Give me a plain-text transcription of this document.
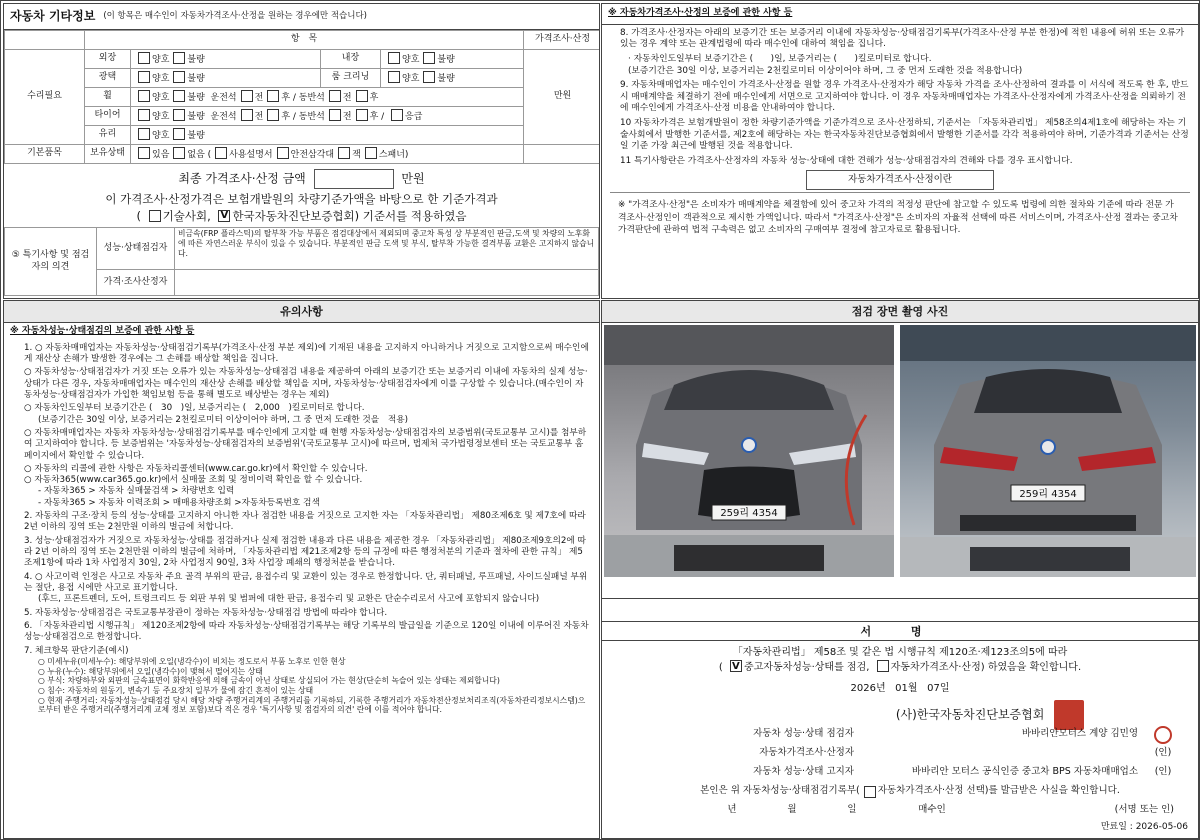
자동차 기타정보 (이 항목은 매수인이 자동차가격조사·산정을 원하는 경우에만 적습니다)
	항　목				가격조사·산정
수리필요	외장	양호 불량	내장	양호 불량	만원
	광택	양호 불량	룸 크리닝	양호 불량	
	휠	양호 불량 운전석 전 후 / 동반석 전 후			
	타이어	양호 불량 운전석 전 후 / 동반석 전 후 / 응급			
	유리	양호 불량			
기본품목	보유상태	있음 없음 ( 사용설명서 안전삼각대 잭 스패너)			
최종 가격조사·산정 금액	만원
이 가격조사·산정가격은 보험개발원의 차량기준가액을 바탕으로 한 기준가격과
( 기술사회, V 한국자동차진단보증협회) 기준서를 적용하였음
⑤ 특기사항 및 점검자의 의견	성능·상태점검자	비금속(FRP 플라스틱)의 탈부착 가능 부품은 점검대상에서 제외되며 중고차 특성 상 부분적인 판금,도색 및 차량의 노후화에 따른 자연스러운 부식이 있을 수 있습니다. 부분적인 판금 도색 및 부식, 탈부착 가능한 결격부품 교환은 고지하지 않습니다.
	가격·조사산정자	
※ 자동차가격조사·산정의 보증에 관한 사항 등

8. 가격조사·산정자는 아래의 보증기간 또는 보증거리 이내에 자동차성능·상태점검기록부(가격조사·산정 부분 한정)에 적힌 내용에 허위 또는 오류가 있는 경우 계약 또는 관계법령에 따라 매수인에 대하여 책임을 집니다.

· 자동차인도일부터 보증기간은 (　　)일, 보증거리는 (　　)킬로미터로 합니다.

(보증기간은 30일 이상, 보증거리는 2천킬로미터 이상이어야 하며, 그 중 먼저 도래한 것을 적용합니다)

9. 자동차매매업자는 매수인이 가격조사·산정을 원할 경우 가격조사·산정자가 해당 자동차 가격을 조사·산정하여 결과를 이 서식에 적도록 한 후, 반드시 매매계약을 체결하기 전에 매수인에게 서면으로 고지하여야 합니다. 이 경우 자동차매매업자는 가격조사·산정자에게 가격조사·산정을 의뢰하기 전에 매수인에게 가격조사·산정 비용을 안내하여야 합니다.

10 자동차가격은 보험개발원이 정한 차량기준가액을 기준가격으로 조사·산정하되, 기준서는 「자동차관리법」 제58조의4제1호에 해당하는 자는 기술사회에서 발행한 기준서를, 제2호에 해당하는 자는 한국자동차진단보증협회에서 발행한 기준서를 각각 적용하여야 하며, 기준가격과 기준서는 산정일 기준 가장 최근에 발행된 것을 적용합니다.

11 특기사항란은 가격조사·산정자의 자동차 성능·상태에 대한 견해가 성능·상태점검자의 견해와 다를 경우 표시합니다.

자동차가격조사·산정이란
※ "가격조사·산정"은 소비자가 매매계약을 체결함에 있어 중고차 가격의 적정성 판단에 참고할 수 있도록 법령에 의한 절차와 기준에 따라 전문 가격조사·산정인이 객관적으로 제시한 가액입니다. 따라서 "가격조사·산정"은 소비자의 자율적 선택에 따른 서비스이며, 가격조사·산정 결과는 중고차 가격판단에 관하여 법적 구속력은 없고 소비자의 구매여부 결정에 참고자료로 활용됩니다.
유의사항
※ 자동차성능·상태점검의 보증에 관한 사항 등

1. ○ 자동차매매업자는 자동차성능·상태점검기록부(가격조사·산정 부분 제외)에 기재된 내용을 고지하지 아니하거나 거짓으로 고지함으로써 매수인에게 재산상 손해가 발생한 경우에는 그 손해를 배상할 책임을 집니다.

○ 자동차성능·상태점검자가 거짓 또는 오류가 있는 자동차성능·상태점검 내용을 제공하여 아래의 보증기간 또는 보증거리 이내에 자동차의 실제 성능·상태가 다른 경우, 자동차매매업자는 매수인의 재산상 손해를 배상할 책임을 지며, 자동차성능·상태점검자에게 이를 구상할 수 있습니다.(매수인이 자동차성능·상태점검자가 가입한 책임보험 등을 통해 별도로 배상받는 경우는 제외)

○ 자동차인도일부터 보증기간은 (　30　)일, 보증거리는 (　2,000　)킬로미터로 합니다.

(보증기간은 30일 이상, 보증거리는 2천킬로미터 이상이어야 하며, 그 중 먼저 도래한 것을　적용)

○ 자동차매매업자는 자동차 자동차성능·상태점검기록부를 매수인에게 고지할 때 현행 자동차성능·상태점검자의 보증범위(국토교통부 고시)를 첨부하여 고지하여야 합니다. 등 보증범위는 '자동차성능·상태점검자의 보증범위'(국토교통부 고시)에 따르며, 법제처 국가법령정보센터 또는 국토교통부 홈페이지에서 확인할 수 있습니다.

○ 자동차의 리콜에 관한 사항은 자동차리콜센터(www.car.go.kr)에서 확인할 수 있습니다.

○ 자동차365(www.car365.go.kr)에서 실매물 조회 및 정비이력 확인을 할 수 있습니다.

- 자동차365 > 자동차 실매물검색 > 차량번호 입력

- 자동차365 > 자동차 이력조회 > 매매용차량조회 >자동차등록번호 검색

2. 자동차의 구조·장치 등의 성능·상태를 고지하지 아니한 자나 점검한 내용을 거짓으로 고지한 자는 「자동차관리법」 제80조제6호 및 제7호에 따라 2년 이하의 징역 또는 2천만원 이하의 벌금에 처합니다.

3. 성능·상태점검자가 거짓으로 자동차성능·상태를 점검하거나 실제 점검한 내용과 다른 내용을 제공한 경우 「자동차관리법」 제80조제9호의2에 따라 2년 이하의 징역 또는 2천만원 이하의 벌금에 처하며, 「자동차관리법 제21조제2항 등의 규정에 따른 행정처분의 기준과 절차에 관한 규칙」 제5조제1항에 따라 1차 사업정지 30일, 2차 사업정지 90일, 3차 사업장 폐쇄의 행정처분을 받습니다.

4. ○ 사고이력 인정은 사고로 자동차 주요 골격 부위의 판금, 용접수리 및 교환이 있는 경우로 한정합니다. 단, 쿼터패널, 루프패널, 사이드실패널 부위는 절단, 용접 시에만 사고로 표기합니다.

(후드, 프론트펜더, 도어, 트렁크리드 등 외판 부위 및 범퍼에 대한 판금, 용접수리 및 교환은 단순수리로서 사고에 포함되지 않습니다)

5. 자동차성능·상태점검은 국토교통부장관이 정하는 자동차성능·상태점검 방법에 따라야 합니다.

6. 「자동차관리법 시행규칙」 제120조제2항에 따라 자동차성능·상태점검기록부는 해당 기록부의 발급일을 기준으로 120일 이내에 이루어진 자동차 성능·상태점검으로 한정합니다.

7. 체크항목 판단기준(예시)

○ 미세누유(미세누수): 해당부위에 오일(냉각수)이 비치는 정도로서 부품 노후로 인한 현상

○ 누유(누수): 해당부위에서 오일(냉각수)이 맺혀서 떨어지는 상태

○ 부식: 차량하부와 외판의 금속표면이 화학반응에 의해 금속이 아닌 상태로 상실되어 가는 현상(단순히 녹슬어 있는 상태는 제외합니다)

○ 침수: 자동차의 원동기, 변속기 등 주요장치 일부가 물에 잠긴 흔적이 있는 상태

○ 현재 주행거리: 자동차성능·상태점검 당시 해당 차량 주행거리계의 주행거리를 기록하되, 기록한 주행거리가 자동차전산정보처리조직(자동차관리정보시스템)으로부터 받은 주행거리(주행거리계 교체 정보 포함)보다 적은 경우 '특기사항 및 점검자의 의견' 란에 이를 적어야 합니다.

점검 장면 촬영 사진
259리 4354
259리 4354
서 명
「자동차관리법」 제58조 및 같은 법 시행규칙 제120조·제123조의5에 따라
( V중고자동차성능·상태를 점검, 자동차가격조사·산정) 하였음을 확인합니다.
2026년 01월 07일
(사)한국자동차진단보증협회
자동차 성능·상태 점검자	바바리안모터스 계양 김민영
자동차가격조사·산정자	(인)
자동차 성능·상태 고지자	바바리안 모터스 공식인증 중고차 BPS 자동차매매업소	(인)
본인은 위 자동차성능·상태점검기록부( 자동차가격조사·산정 선택)를 발급받은 사실을 확인합니다.
년	월	일	매수인	(서명 또는 인)
만료일 : 2026-05-06
